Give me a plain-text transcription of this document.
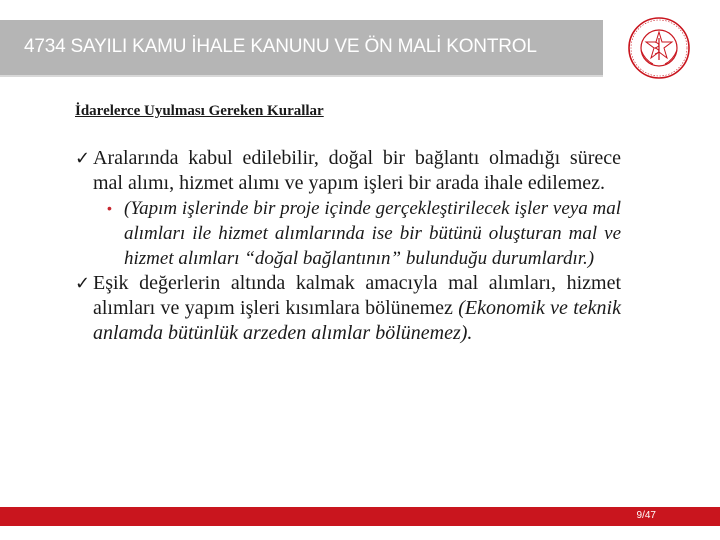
4734 SAYILI KAMU İHALE KANUNU VE ÖN MALİ KONTROL
İdarelerce Uyulması Gereken Kurallar
✓ Aralarında kabul edilebilir, doğal bir bağlantı olmadığı sürece mal alımı, hizmet alımı ve yapım işleri bir arada ihale edilemez.
• (Yapım işlerinde bir proje içinde gerçekleştirilecek işler veya mal alımları ile hizmet alımlarında ise bir bütünü oluşturan mal ve hizmet alımları “doğal bağlantının” bulunduğu durumlardır.)
✓ Eşik değerlerin altında kalmak amacıyla mal alımları, hizmet alımları ve yapım işleri kısımlara bölünemez (Ekonomik ve teknik anlamda bütünlük arzeden alımlar bölünemez).
9/47
